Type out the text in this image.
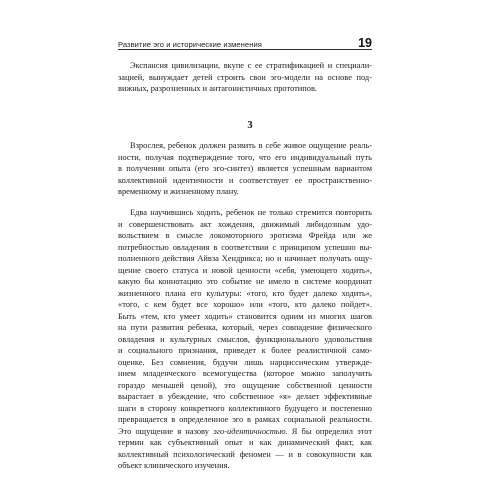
Развитие эго и исторические изменения	19
Экспансия цивилизации, вкупе с ее стратификацией и специали-
зацией, вынуждает детей строить свои эго-модели на основе под-
вижных, разрозненных и антагонистичных прототипов.
3
Взрослея, ребенок должен развить в себе живое ощущение реаль-
ности, получая подтверждение того, что его индивидуальный путь
в получении опыта (его эго-синтез) является успешным вариантом
коллективной идентичности и соответствует ее пространственно-
временному и жизненному плану.
Едва научившись ходить, ребенок не только стремится повторить
и совершенствовать акт хождения, движимый либидозным удо-
вольствием в смысле локомоторного эротизма Фрейда или же
потребностью овладения в соответствии с принципом успешно вы-
полненного действия Айвза Хендрикса; но и начинает получать ощу-
щение своего статуса и новой ценности «себя, умеющего ходить»,
какую бы коннотацию это событие не имело в системе координат
жизненного плана его культуры: «того, кто будет далеко ходить»,
«того, с кем будет все хорошо» или «того, кто далеко пойдет».
Быть «тем, кто умеет ходить» становится одним из многих шагов
на пути развития ребенка, который, через совпадение физического
овладения и культурных смыслов, функционального удовольствия
и социального признания, приведет к более реалистичной само-
оценке. Без сомнения, будучи лишь нарциссическим утвержде-
нием младенческого всемогущества (которое можно заполучить
гораздо меньшей ценой), это ощущение собственной ценности
вырастает в убеждение, что собственное «я» делает эффективные
шаги в сторону конкретного коллективного будущего и постепенно
превращается в определенное эго в рамках социальной реальности.
Это ощущение я назову эго-идентичностью. Я бы определил этот
термин как субъективный опыт и как динамический факт, как
коллективный психологический феномен — и в совокупности как
объект клинического изучения.
